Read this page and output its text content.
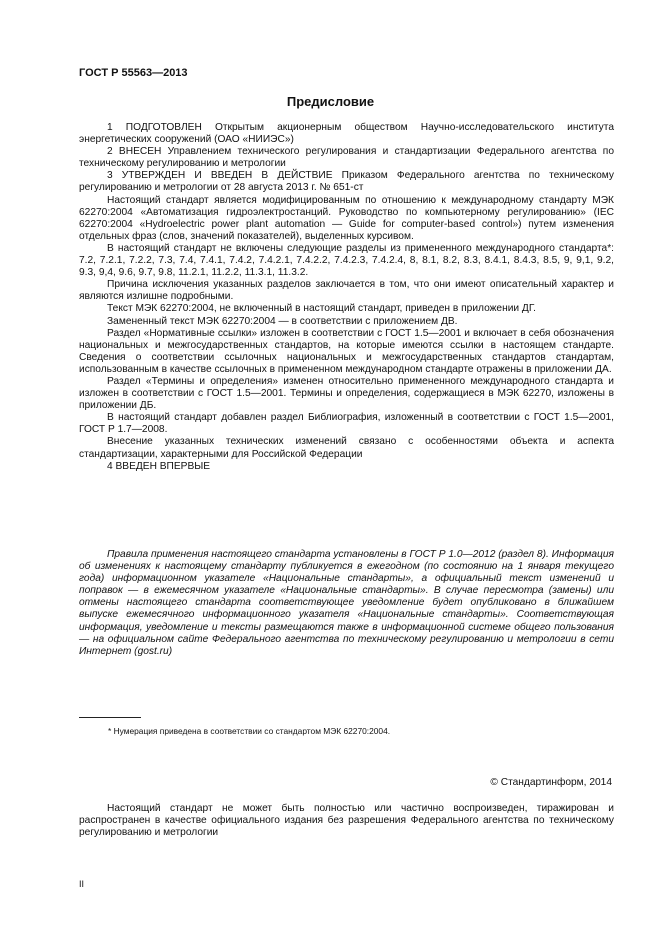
ГОСТ Р 55563—2013
Предисловие

1 ПОДГОТОВЛЕН Открытым акционерным обществом Научно-исследовательского института энергетических сооружений (ОАО «НИИЭС»)

2 ВНЕСЕН Управлением технического регулирования и стандартизации Федерального агентства по техническому регулированию и метрологии

3 УТВЕРЖДЕН И ВВЕДЕН В ДЕЙСТВИЕ Приказом Федерального агентства по техническому регулированию и метрологии от 28 августа 2013 г. № 651-ст

Настоящий стандарт является модифицированным по отношению к международному стандарту МЭК 62270:2004 «Автоматизация гидроэлектростанций. Руководство по компьютерному регулированию» (IEC 62270:2004 «Hydroelectric power plant automation — Guide for computer-based control») путем изменения отдельных фраз (слов, значений показателей), выделенных курсивом.

В настоящий стандарт не включены следующие разделы из примененного международного стандарта*: 7.2, 7.2.1, 7.2.2, 7.3, 7.4, 7.4.1, 7.4.2, 7.4.2.1, 7.4.2.2, 7.4.2.3, 7.4.2.4, 8, 8.1, 8.2, 8.3, 8.4.1, 8.4.3, 8.5, 9, 9,1, 9.2, 9.3, 9,4, 9.6, 9.7, 9.8, 11.2.1, 11.2.2, 11.3.1, 11.3.2.

Причина исключения указанных разделов заключается в том, что они имеют описательный характер и являются излишне подробными.

Текст МЭК 62270:2004, не включенный в настоящий стандарт, приведен в приложении ДГ.

Замененный текст МЭК 62270:2004 — в соответствии с приложением ДВ.

Раздел «Нормативные ссылки» изложен в соответствии с ГОСТ 1.5—2001 и включает в себя обозначения национальных и межгосударственных стандартов, на которые имеются ссылки в настоящем стандарте. Сведения о соответствии ссылочных национальных и межгосударственных стандартов стандартам, использованным в качестве ссылочных в примененном международном стандарте отражены в приложении ДА.

Раздел «Термины и определения» изменен относительно примененного международного стандарта и изложен в соответствии с ГОСТ 1.5—2001. Термины и определения, содержащиеся в МЭК 62270, изложены в приложении ДБ.

В настоящий стандарт добавлен раздел Библиография, изложенный в соответствии с ГОСТ 1.5—2001, ГОСТ Р 1.7—2008.

Внесение указанных технических изменений связано с особенностями объекта и аспекта стандартизации, характерными для Российской Федерации

4 ВВЕДЕН ВПЕРВЫЕ

Правила применения настоящего стандарта установлены в ГОСТ Р 1.0—2012 (раздел 8). Информация об изменениях к настоящему стандарту публикуется в ежегодном (по состоянию на 1 января текущего года) информационном указателе «Национальные стандарты», а официальный текст изменений и поправок — в ежемесячном указателе «Национальные стандарты». В случае пересмотра (замены) или отмены настоящего стандарта соответствующее уведомление будет опубликовано в ближайшем выпуске ежемесячного информационного указателя «Национальные стандарты». Соответствующая информация, уведомление и тексты размещаются также в информационной системе общего пользования — на официальном сайте Федерального агентства по техническому регулированию и метрологии в сети Интернет (gost.ru)
* Нумерация приведена в соответствии со стандартом МЭК 62270:2004.
© Стандартинформ, 2014
Настоящий стандарт не может быть полностью или частично воспроизведен, тиражирован и распространен в качестве официального издания без разрешения Федерального агентства по техническому регулированию и метрологии
II
